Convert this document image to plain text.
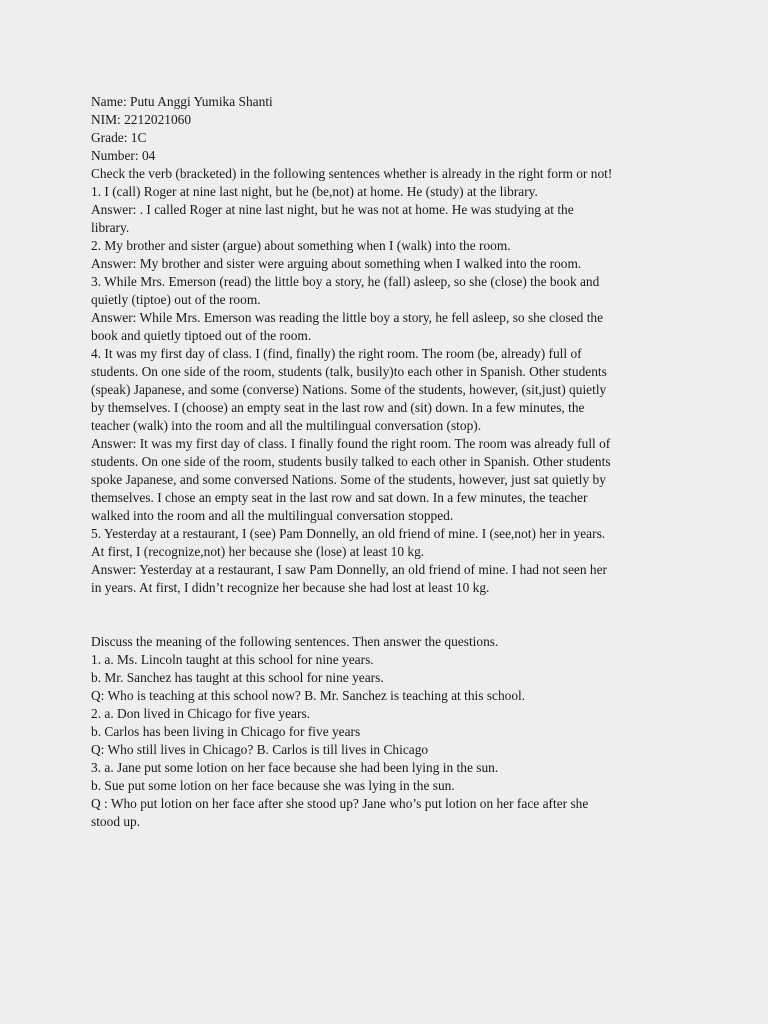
Name: Putu Anggi Yumika Shanti
NIM: 2212021060
Grade: 1C
Number: 04
Check the verb (bracketed) in the following sentences whether is already in the right form or not!
1. I (call) Roger at nine last night, but he (be,not) at home. He (study) at the library.
Answer: . I called Roger at nine last night, but he was not at home. He was studying at the
library.
2. My brother and sister (argue) about something when I (walk) into the room.
Answer: My brother and sister were arguing about something when I walked into the room.
3. While Mrs. Emerson (read) the little boy a story, he (fall) asleep, so she (close) the book and
quietly (tiptoe) out of the room.
Answer: While Mrs. Emerson was reading the little boy a story, he fell asleep, so she closed the
book and quietly tiptoed out of the room.
4. It was my first day of class. I (find, finally) the right room. The room (be, already) full of
students. On one side of the room, students (talk, busily)to each other in Spanish. Other students
(speak) Japanese, and some (converse) Nations. Some of the students, however, (sit,just) quietly
by themselves. I (choose) an empty seat in the last row and (sit) down. In a few minutes, the
teacher (walk) into the room and all the multilingual conversation (stop).
Answer: It was my first day of class. I finally found the right room. The room was already full of
students. On one side of the room, students busily talked to each other in Spanish. Other students
spoke Japanese, and some conversed Nations. Some of the students, however, just sat quietly by
themselves. I chose an empty seat in the last row and sat down. In a few minutes, the teacher
walked into the room and all the multilingual conversation stopped.
5. Yesterday at a restaurant, I (see) Pam Donnelly, an old friend of mine. I (see,not) her in years.
At first, I (recognize,not) her because she (lose) at least 10 kg.
Answer: Yesterday at a restaurant, I saw Pam Donnelly, an old friend of mine. I had not seen her
in years. At first, I didn’t recognize her because she had lost at least 10 kg.
Discuss the meaning of the following sentences. Then answer the questions.
1. a. Ms. Lincoln taught at this school for nine years.
b. Mr. Sanchez has taught at this school for nine years.
Q: Who is teaching at this school now? B. Mr. Sanchez is teaching at this school.
2. a. Don lived in Chicago for five years.
b. Carlos has been living in Chicago for five years
Q: Who still lives in Chicago? B. Carlos is till lives in Chicago
3. a. Jane put some lotion on her face because she had been lying in the sun.
b. Sue put some lotion on her face because she was lying in the sun.
Q : Who put lotion on her face after she stood up? Jane who’s put lotion on her face after she
stood up.
